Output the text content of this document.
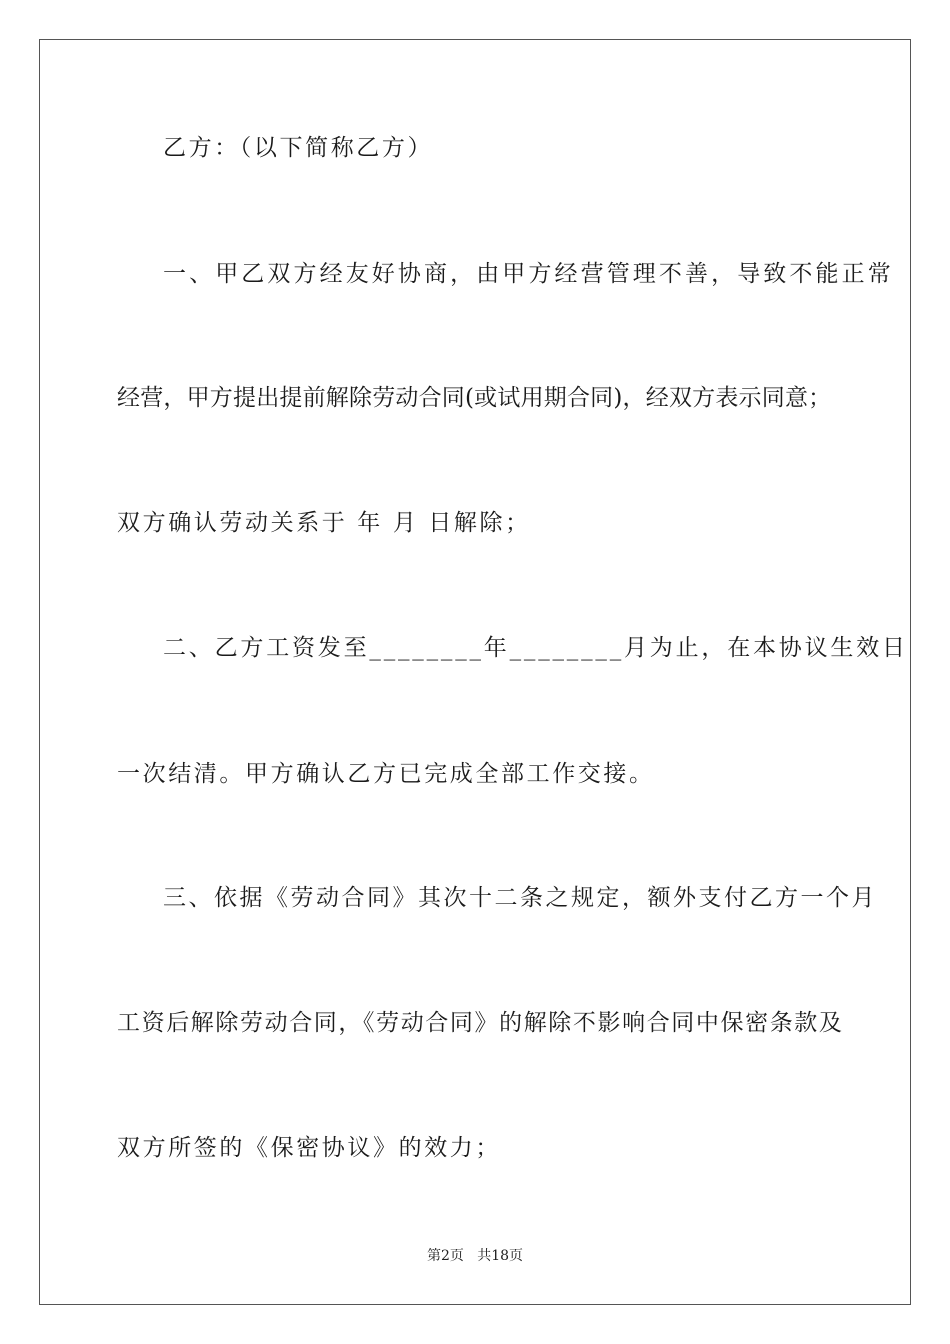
乙方：（以下简称乙方）
一、甲乙双方经友好协商，由甲方经营管理不善，导致不能正常
经营，甲方提出提前解除劳动合同(或试用期合同)，经双方表示同意；
双方确认劳动关系于 年 月 日解除；
二、乙方工资发至________年________月为止，在本协议生效日
一次结清。甲方确认乙方已完成全部工作交接。
三、依据《劳动合同》其次十二条之规定，额外支付乙方一个月
工资后解除劳动合同，《劳动合同》的解除不影响合同中保密条款及
双方所签的《保密协议》的效力；
第2页   共18页
